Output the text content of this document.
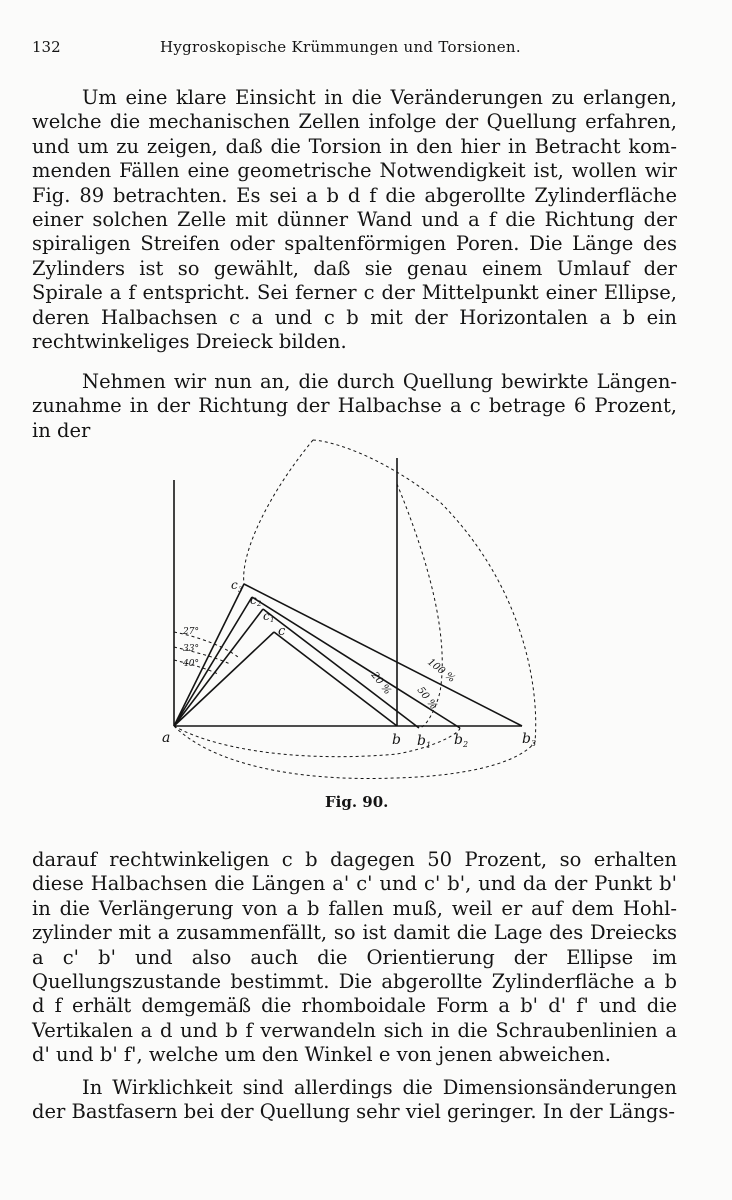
132	Hygroskopische Krümmungen und Torsionen.

Um eine klare Einsicht in die Veränderungen zu erlangen, welche die mechanischen Zellen infolge der Quellung erfahren, und um zu zeigen, daß die Torsion in den hier in Betracht kommenden Fällen eine geometrische Notwendigkeit ist, wollen wir Fig. 89 betrachten. Es sei a b d f die abgerollte Zylinderfläche einer solchen Zelle mit dünner Wand und a f die Richtung der spiraligen Streifen oder spaltenförmigen Poren. Die Länge des Zylinders ist so gewählt, daß sie genau einem Umlauf der Spirale a f entspricht. Sei ferner c der Mittelpunkt einer Ellipse, deren Halbachsen c a und c b mit der Horizontalen a b ein rechtwinkeliges Dreieck bilden.

Nehmen wir nun an, die durch Quellung bewirkte Längenzunahme in der Richtung der Halbachse a c betrage 6 Prozent, in der

a	b b 1 b 2	b 3
c
c 1
c 2
c 3
27°
33°
40°
20 %
50 %
100 %
Fig. 90.

darauf rechtwinkeligen c b dagegen 50 Prozent, so erhalten diese Halbachsen die Längen a' c' und c' b', und da der Punkt b' in die Verlängerung von a b fallen muß, weil er auf dem Hohlzylinder mit a zusammenfällt, so ist damit die Lage des Dreiecks a c' b' und also auch die Orientierung der Ellipse im Quellungszustande bestimmt. Die abgerollte Zylinderfläche a b d f erhält demgemäß die rhomboidale Form a b' d' f' und die Vertikalen a d und b f verwandeln sich in die Schraubenlinien a d' und b' f', welche um den Winkel e von jenen abweichen.

In Wirklichkeit sind allerdings die Dimensionsänderungen der Bastfasern bei der Quellung sehr viel geringer. In der Längs-
